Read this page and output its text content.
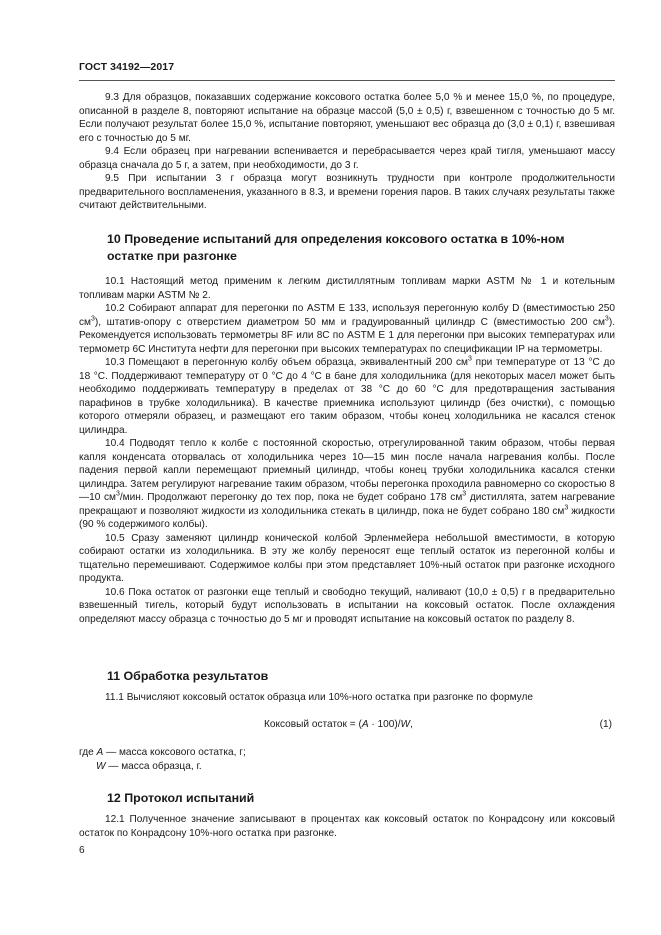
ГОСТ 34192—2017

9.3 Для образцов, показавших содержание коксового остатка более 5,0 % и менее 15,0 %, по процедуре, описанной в разделе 8, повторяют испытание на образце массой (5,0 ± 0,5) г, взвешенном с точностью до 5 мг. Если получают результат более 15,0 %, испытание повторяют, уменьшают вес образца до (3,0 ± 0,1) г, взвешивая его с точностью до 5 мг.

9.4 Если образец при нагревании вспенивается и перебрасывается через край тигля, уменьшают массу образца сначала до 5 г, а затем, при необходимости, до 3 г.

9.5 При испытании 3 г образца могут возникнуть трудности при контроле продолжительности предварительного воспламенения, указанного в 8.3, и времени горения паров. В таких случаях результаты также считают действительными.

10 Проведение испытаний для определения коксового остатка в 10%-ном остатке при разгонке

10.1 Настоящий метод применим к легким дистиллятным топливам марки ASTM № 1 и котельным топливам марки ASTM № 2.

10.2 Собирают аппарат для перегонки по ASTM E 133, используя перегонную колбу D (вместимостью 250 $см^3$), штатив-опору с отверстием диаметром 50 мм и градуированный цилиндр C (вместимостью 200 $см^3$). Рекомендуется использовать термометры 8F или 8C по ASTM E 1 для перегонки при высоких температурах или термометр 6C Института нефти для перегонки при высоких температурах по спецификации IP на термометры.

10.3 Помещают в перегонную колбу объем образца, эквивалентный 200 $см^3$ при температуре от 13 °C до 18 °C. Поддерживают температуру от 0 °C до 4 °C в бане для холодильника (для некоторых масел может быть необходимо поддерживать температуру в пределах от 38 °C до 60 °C для предотвращения застывания парафинов в трубке холодильника). В качестве приемника используют цилиндр (без очистки), с помощью которого отмеряли образец, и размещают его таким образом, чтобы конец холодильника не касался стенок цилиндра.

10.4 Подводят тепло к колбе с постоянной скоростью, отрегулированной таким образом, чтобы первая капля конденсата оторвалась от холодильника через 10—15 мин после начала нагревания колбы. После падения первой капли перемещают приемный цилиндр, чтобы конец трубки холодильника касался стенки цилиндра. Затем регулируют нагревание таким образом, чтобы перегонка проходила равномерно со скоростью 8—10 $см^3$/мин. Продолжают перегонку до тех пор, пока не будет собрано 178 $см^3$ дистиллята, затем нагревание прекращают и позволяют жидкости из холодильника стекать в цилиндр, пока не будет собрано 180 $см^3$ жидкости (90 % содержимого колбы).

10.5 Сразу заменяют цилиндр конической колбой Эрленмейера небольшой вместимости, в которую собирают остатки из холодильника. В эту же колбу переносят еще теплый остаток из перегонной колбы и тщательно перемешивают. Содержимое колбы при этом представляет 10%-ный остаток при разгонке исходного продукта.

10.6 Пока остаток от разгонки еще теплый и свободно текущий, наливают (10,0 ± 0,5) г в предварительно взвешенный тигель, который будут использовать в испытании на коксовый остаток. После охлаждения определяют массу образца с точностью до 5 мг и проводят испытание на коксовый остаток по разделу 8.

11 Обработка результатов

11.1 Вычисляют коксовый остаток образца или 10%-ного остатка при разгонке по формуле

Коксовый остаток = (A · 100)/W,	(1)
где A — масса коксового остатка, г;
W — масса образца, г.
12 Протокол испытаний

12.1 Полученное значение записывают в процентах как коксовый остаток по Конрадсону или коксовый остаток по Конрадсону 10%-ного остатка при разгонке.

6
